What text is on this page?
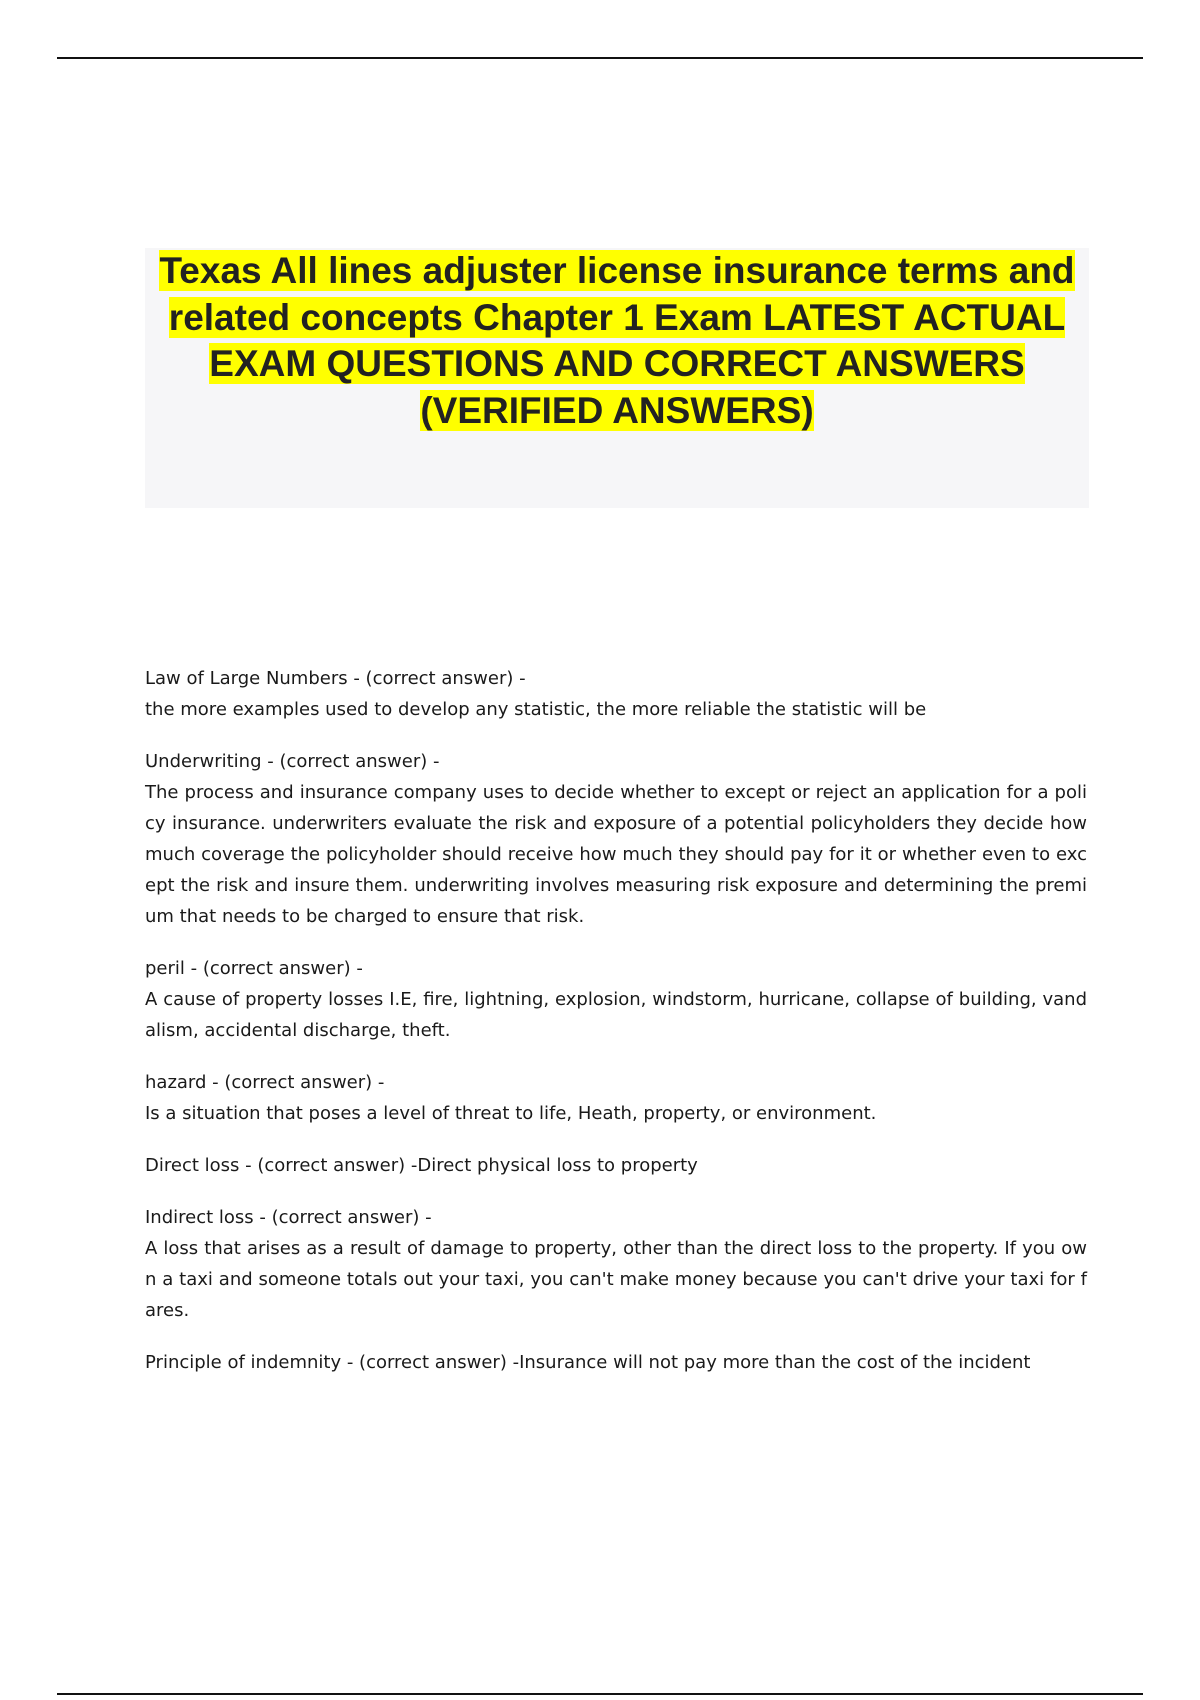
Texas All lines adjuster license insurance terms and related concepts Chapter 1 Exam LATEST ACTUAL EXAM QUESTIONS AND CORRECT ANSWERS (VERIFIED ANSWERS)
Law of Large Numbers - (correct answer) -
the more examples used to develop any statistic, the more reliable the statistic will be
Underwriting - (correct answer) -
The process and insurance company uses to decide whether to except or reject an application for a policy insurance. underwriters evaluate the risk and exposure of a potential policyholders they decide how much coverage the policyholder should receive how much they should pay for it or whether even to except the risk and insure them. underwriting involves measuring risk exposure and determining the premium that needs to be charged to ensure that risk.
peril - (correct answer) -
A cause of property losses I.E, fire, lightning, explosion, windstorm, hurricane, collapse of building, vandalism, accidental discharge, theft.
hazard - (correct answer) -
Is a situation that poses a level of threat to life, Heath, property, or environment.
Direct loss - (correct answer) -Direct physical loss to property
Indirect loss - (correct answer) -
A loss that arises as a result of damage to property, other than the direct loss to the property. If you own a taxi and someone totals out your taxi, you can't make money because you can't drive your taxi for fares.
Principle of indemnity - (correct answer) -Insurance will not pay more than the cost of the incident
